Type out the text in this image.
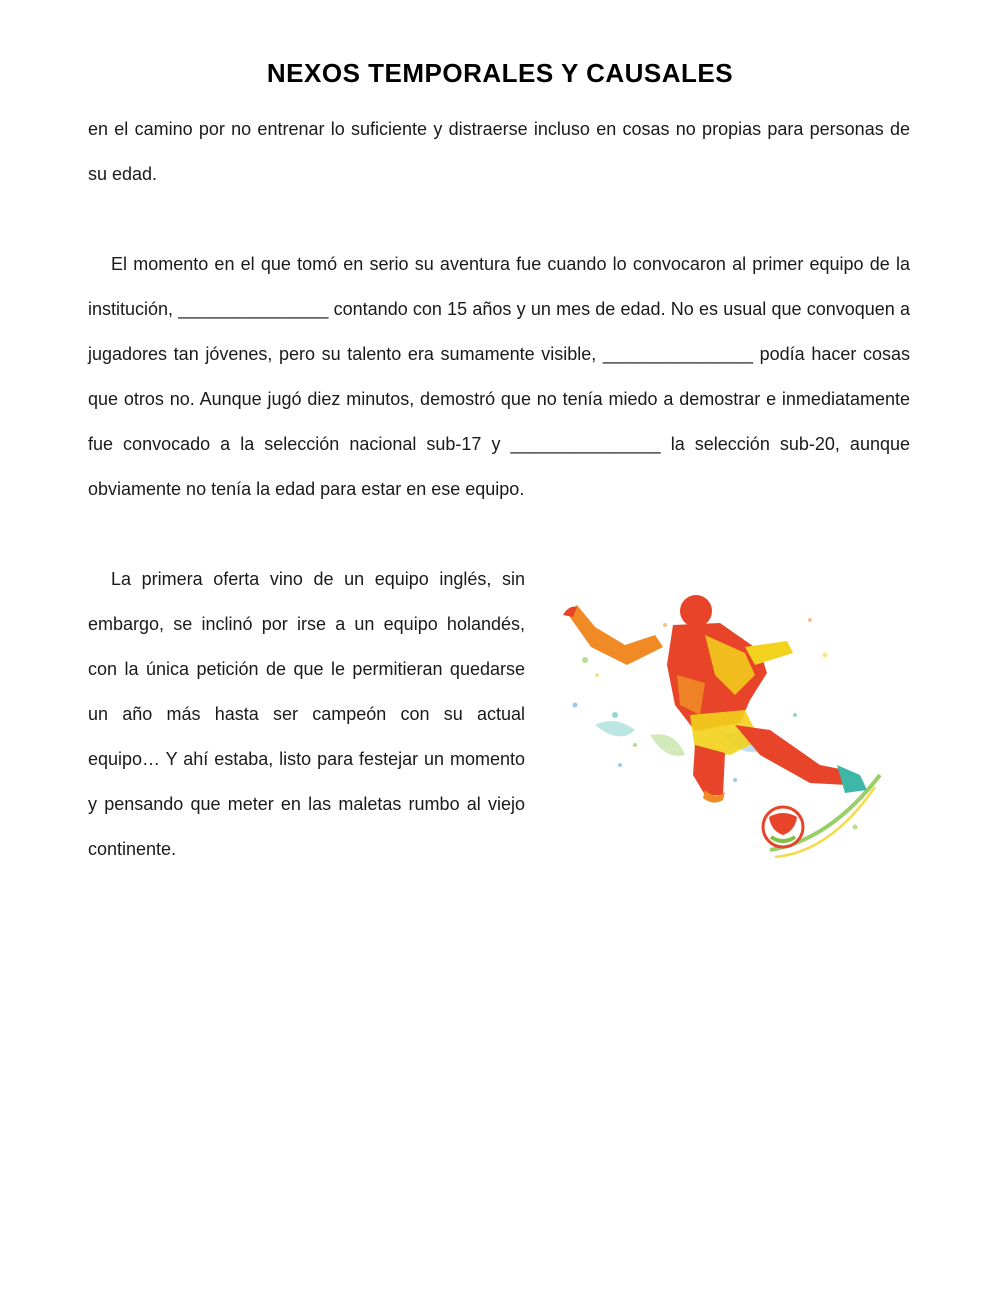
NEXOS TEMPORALES Y CAUSALES

en el camino por no entrenar lo suficiente y distraerse incluso en cosas no propias para personas de su edad.

El momento en el que tomó en serio su aventura fue cuando lo convocaron al primer equipo de la institución, _______________ contando con 15 años y un mes de edad. No es usual que convoquen a jugadores tan jóvenes, pero su talento era sumamente visible, _______________ podía hacer cosas que otros no. Aunque jugó diez minutos, demostró que no tenía miedo a demostrar e inmediatamente fue convocado a la selección nacional sub-17 y _______________ la selección sub-20, aunque obviamente no tenía la edad para estar en ese equipo.

La primera oferta vino de un equipo inglés, sin embargo, se inclinó por irse a un equipo holandés, con la única petición de que le permitieran quedarse un año más hasta ser campeón con su actual equipo… Y ahí estaba, listo para festejar un momento y pensando que meter en las maletas rumbo al viejo continente.
